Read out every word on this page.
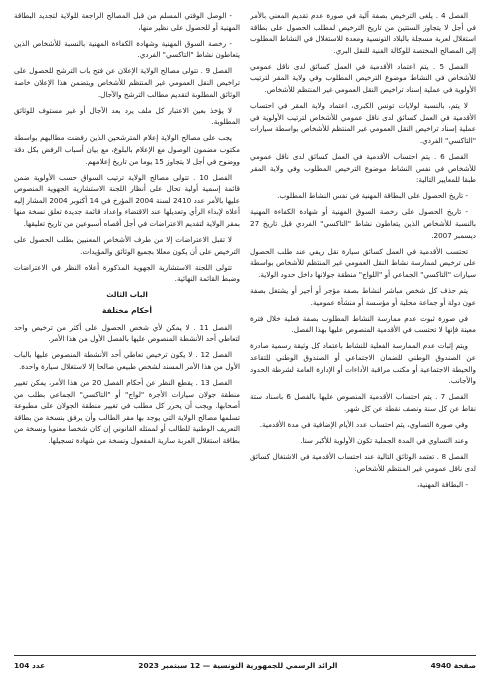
الفصل 4 . يلغى الترخيص بصفة آلية في صورة عدم تقديم المعني بالأمر في أجل لا يتجاوز الستتين من تاريخ الترخيص لمطلب الحصول على بطاقة استغلال لعربة مسجلة بالبلاد التونسية ومعدة للاستغلال في النشاط المطلوب إلى المصالح المختصة للوكالة الفنية للنقل البري.

الفصل 5 . يتم اعتماد الأقدمية في العمل كسائق لدى ناقل عمومي للأشخاص في النشاط موضوع الترخيص المطلوب وفي ولاية المقر لترتيب الأولوية في عملية إسناد تراخيص النقل العمومي غير المنتظم للأشخاص.

لا يتم، بالنسبة لولايات تونس الكبرى، اعتماد ولاية المقر في احتساب الأقدمية في العمل كسائق لدى ناقل عمومي للأشخاص لترتيب الأولوية في عملية إسناد تراخيص النقل العمومي غير المنتظم للأشخاص بواسطة سيارات "التاكسي" الفردي.

الفصل 6 . يتم احتساب الأقدمية في العمل كسائق لدى ناقل عمومي للأشخاص في نفس النشاط موضوع الترخيص المطلوب وفي ولاية المقر طبقا للمعايير التالية:

- تاريخ الحصول على البطاقة المهنية في نفس النشاط المطلوب.

- تاريخ الحصول على رخصة السوق المهنية أو شهادة الكفاءة المهنية بالنسبة للأشخاص الذين يتعاطون نشاط "التاكسي" الفردي قبل تاريخ 27 ديسمبر 2007.

تحتسب الأقدمية في العمل كسائق سيارة نقل ريفي عند طلب الحصول على ترخيص لممارسة نشاط النقل العمومي غير المنتظم للأشخاص بواسطة سيارات "التاكسي" الجماعي أو "اللواج" منطقة جولانها داخل حدود الولاية.

يتم حذف كل شخص مباشر لنشاط بصفة مؤجر أو أجير أو يشتغل بصفة عون دولة أو جماعة محلية أو مؤسسة أو منشأة عمومية.

في صورة ثبوت عدم ممارسة النشاط المطلوب بصفة فعلية خلال فترة معينة فإنها لا تحتسب في الأقدمية المنصوص عليها بهذا الفصل.

ويتم إثبات عدم الممارسة الفعلية للنشاط باعتماد كل وثيقة رسمية صادرة عن الصندوق الوطني للضمان الاجتماعي أو الصندوق الوطني للتقاعد والحيطة الاجتماعية أو مكتب مراقبة الأداءات أو الإدارة العامة لشرطة الحدود والأجانب.

الفصل 7 . يتم احتساب الأقدمية المنصوص عليها بالفصل 6 باسناد ستة نقاط عن كل سنة ونصف نقطة عن كل شهر.

وفي صورة التساوي، يتم احتساب عدد الأيام الإضافية في مدة الأقدمية.

وعند التساوي في المدة الجملية تكون الأولوية للأكبر سنا.

الفصل 8 . تعتمد الوثائق التالية عند احتساب الأقدمية في الاشتغال كسائق لدى ناقل عمومي غير المنتظم للأشخاص:

- البطاقة المهنية،

- الوصل الوقتي المسلم من قبل المصالح الراجعة للولاية لتجديد البطاقة المهنية أو للحصول على نظير منها،

- رخصة السوق المهنية وشهادة الكفاءة المهنية بالنسبة للأشخاص الذين يتعاطون نشاط "التاكسي" الفردي.

الفصل 9 . تتولى مصالح الولاية الإعلان عن فتح باب الترشح للحصول على تراخيص النقل العمومي غير المنتظم للأشخاص ويتضمن هذا الإعلان خاصة الوثائق المطلوبة لتقديم مطالب الترشح والآجال.

لا يؤخذ بعين الاعتبار كل ملف يرد بعد الآجال أو غير مستوف للوثائق المطلوبة.

يجب على مصالح الولاية إعلام المترشحين الذين رفضت مطالبهم بواسطة مكتوب مضمون الوصول مع الإعلام بالبلوغ، مع بيان أسباب الرفض بكل دقة ووضوح في أجل لا يتجاوز 15 يوما من تاريخ إعلامهم.

الفصل 10 . تتولى مصالح الولاية ترتيب السواق حسب الأولوية ضمن قائمة إسمية أولية تحال على أنظار اللجنة الاستشارية الجهوية المنصوص عليها بالأمر عدد 2410 لسنة 2004 المؤرخ في 14 أكتوبر 2004 المشار إليه أعلاه لإبداء الرأي وتعديلها عند الاقتضاء وإعداد قائمة جديدة تعلق نسخة منها بمقر الولاية لتقديم الاعتراضات في أجل أقصاه أسبوعين من تاريخ تعليقها.

لا تقبل الاعتراضات إلا من طرف الأشخاص المعنيين بطلب الحصول على الترخيص على أن يكون معللا بجميع الوثائق والمؤيدات.

تتولى اللجنة الاستشارية الجهوية المذكورة أعلاه النظر في الاعتراضات وضبط القائمة النهائية.

الباب الثالث

أحكام مختلفة

الفصل 11 . لا يمكن لأي شخص الحصول على أكثر من ترخيص واحد لتعاطي أحد الأنشطة المنصوص عليها بالفصل الأول من هذا الأمر.

الفصل 12 . لا يكون ترخيص تعاطي أحد الأنشطة المنصوص عليها بالباب الأول من هذا الأمر المسند لشخص طبيعي صالحا إلا لاستغلال سيارة واحدة.

الفصل 13 . يقطع النظر عن أحكام الفصل 20 من هذا الأمر، يمكن تغيير منطقة جولان سيارات الأجرة "لواج" أو "التاكسي" الجماعي بطلب من أصحابها. ويجب أن يحرر كل مطلب في تغيير منطقة الجولان على مطبوعة تسلمها مصالح الولاية التي يوجد بها مقر الطالب وأن يرفق بنسخة من بطاقة التعريف الوطنية للطالب أو لممثله القانوني إن كان شخصا معنويا ونسخة من بطاقة استغلال العربة سارية المفعول ونسخة من شهادة تسجيلها.

صفحة 4940
الرائد الرسمي للجمهورية التونسية — 12 سبتمبر 2023
عدد 104
